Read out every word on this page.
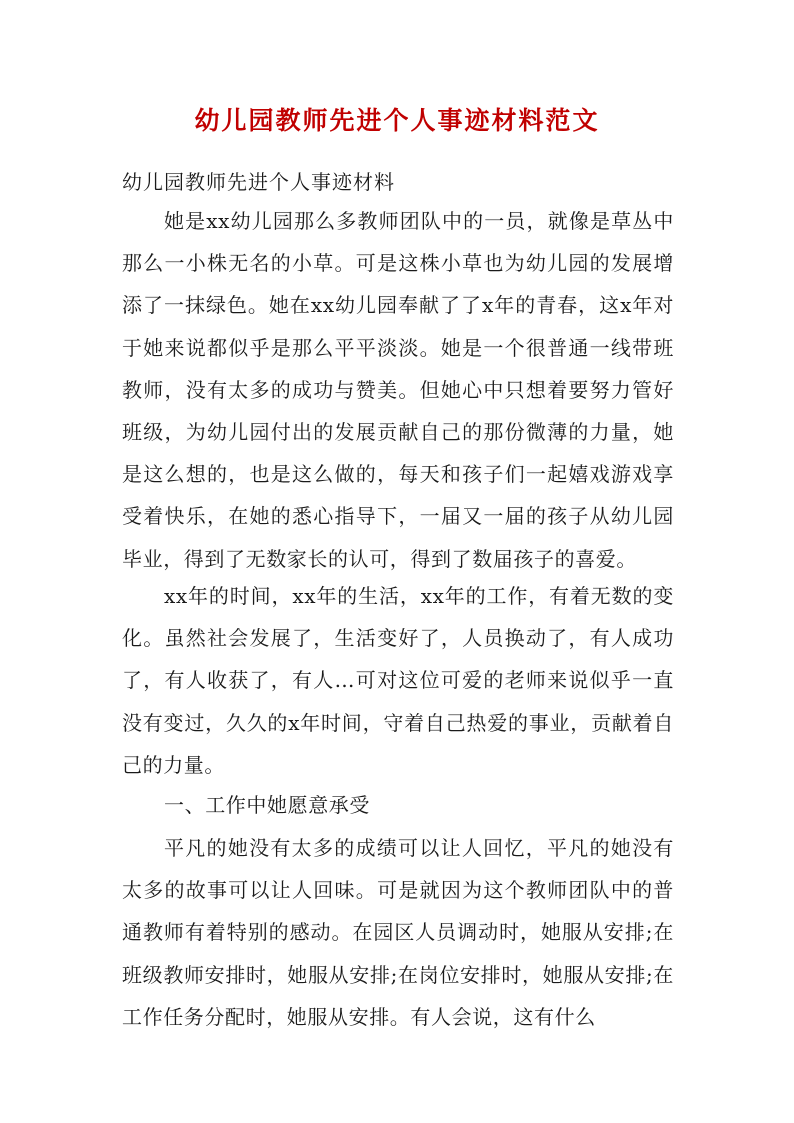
幼儿园教师先进个人事迹材料范文
幼儿园教师先进个人事迹材料

她是xx幼儿园那么多教师团队中的一员，就像是草丛中那么一小株无名的小草。可是这株小草也为幼儿园的发展增添了一抹绿色。她在xx幼儿园奉献了了x年的青春，这x年对于她来说都似乎是那么平平淡淡。她是一个很普通一线带班教师，没有太多的成功与赞美。但她心中只想着要努力管好班级，为幼儿园付出的发展贡献自己的那份微薄的力量，她是这么想的，也是这么做的，每天和孩子们一起嬉戏游戏享受着快乐，在她的悉心指导下，一届又一届的孩子从幼儿园毕业，得到了无数家长的认可，得到了数届孩子的喜爱。

xx年的时间，xx年的生活，xx年的工作，有着无数的变化。虽然社会发展了，生活变好了，人员换动了，有人成功了，有人收获了，有人…可对这位可爱的老师来说似乎一直没有变过，久久的x年时间，守着自己热爱的事业，贡献着自己的力量。

一、工作中她愿意承受

平凡的她没有太多的成绩可以让人回忆，平凡的她没有太多的故事可以让人回味。可是就因为这个教师团队中的普通教师有着特别的感动。在园区人员调动时，她服从安排;在班级教师安排时，她服从安排;在岗位安排时，她服从安排;在工作任务分配时，她服从安排。有人会说，这有什么
